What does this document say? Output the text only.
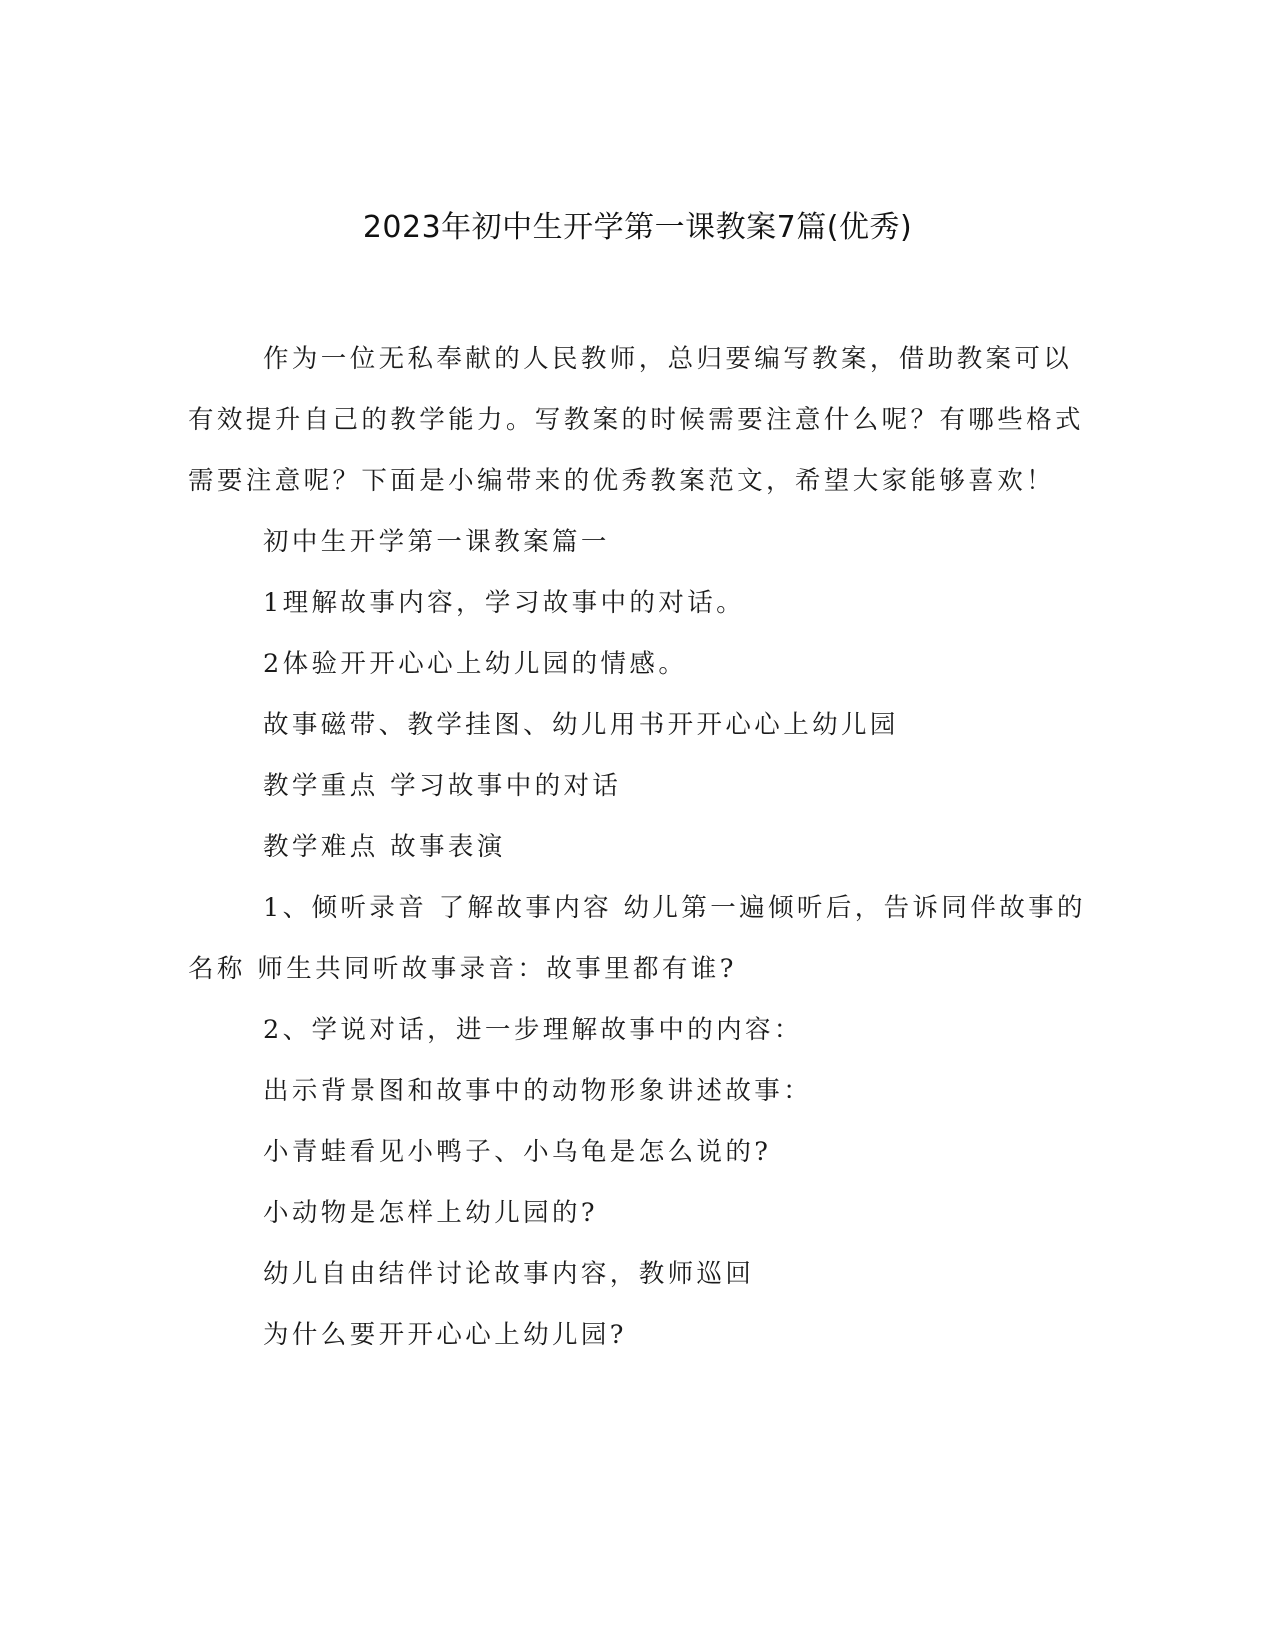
2023年初中生开学第一课教案7篇(优秀)

作为一位无私奉献的人民教师，总归要编写教案，借助教案可以有效提升自己的教学能力。写教案的时候需要注意什么呢？有哪些格式需要注意呢？下面是小编带来的优秀教案范文，希望大家能够喜欢！

初中生开学第一课教案篇一

1理解故事内容，学习故事中的对话。

2体验开开心心上幼儿园的情感。

故事磁带、教学挂图、幼儿用书开开心心上幼儿园

教学重点 学习故事中的对话

教学难点 故事表演

1、倾听录音 了解故事内容 幼儿第一遍倾听后，告诉同伴故事的名称 师生共同听故事录音：故事里都有谁?

2、学说对话，进一步理解故事中的内容：

出示背景图和故事中的动物形象讲述故事：

小青蛙看见小鸭子、小乌龟是怎么说的?

小动物是怎样上幼儿园的?

幼儿自由结伴讨论故事内容，教师巡回

为什么要开开心心上幼儿园?
